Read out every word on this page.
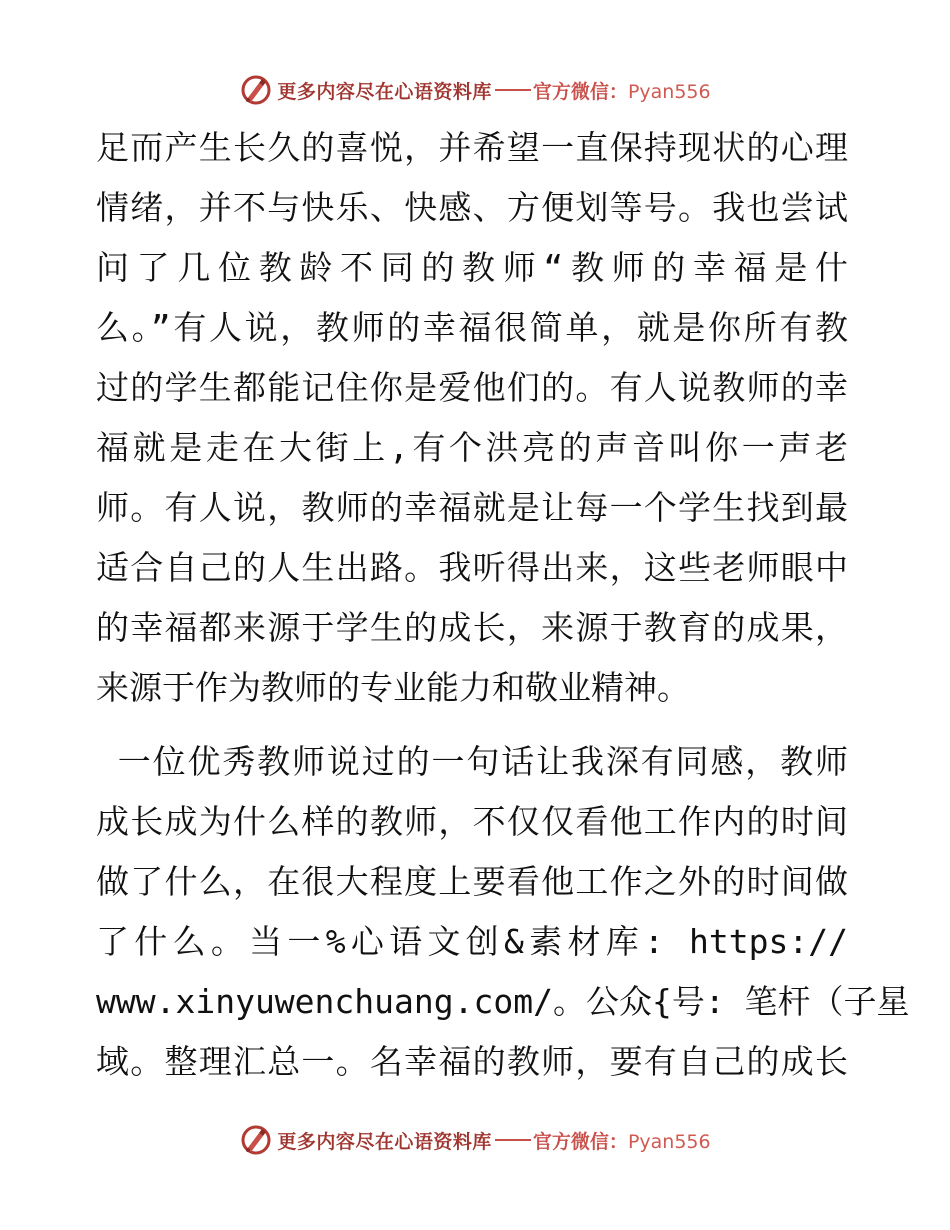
更多内容尽在心语资料库 官方微信：Pyan556
足而产生长久的喜悦，并希望一直保持现状的心理
情绪，并不与快乐、快感、方便划等号。我也尝试
问了几位教龄不同的教师“教师的幸福是什
么。”有人说，教师的幸福很简单，就是你所有教
过的学生都能记住你是爱他们的。有人说教师的幸
福就是走在大街上,有个洪亮的声音叫你一声老
师。有人说，教师的幸福就是让每一个学生找到最
适合自己的人生出路。我听得出来，这些老师眼中
的幸福都来源于学生的成长，来源于教育的成果，
来源于作为教师的专业能力和敬业精神。
一位优秀教师说过的一句话让我深有同感，教师
成长成为什么样的教师，不仅仅看他工作内的时间
做了什么，在很大程度上要看他工作之外的时间做
了什么。当一%心语文创&素材库: https://
www.xinyuwenchuang.com/。公众{号: 笔杆（子星
域。整理汇总一。名幸福的教师，要有自己的成长
更多内容尽在心语资料库 官方微信：Pyan556
